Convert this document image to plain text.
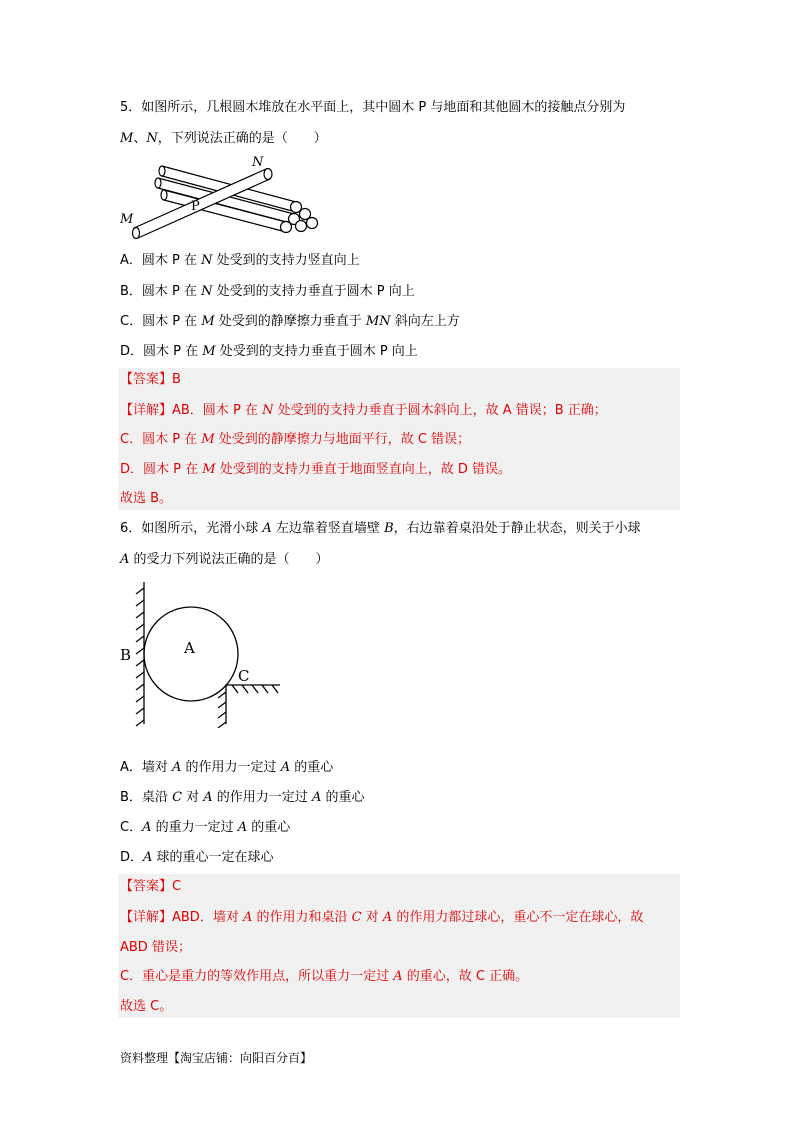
5．如图所示，几根圆木堆放在水平面上，其中圆木 P 与地面和其他圆木的接触点分别为
M、N，下列说法正确的是（　　）
N
P
M
A．圆木 P 在 N 处受到的支持力竖直向上
B．圆木 P 在 N 处受到的支持力垂直于圆木 P 向上
C．圆木 P 在 M 处受到的静摩擦力垂直于 MN 斜向左上方
D．圆木 P 在 M 处受到的支持力垂直于圆木 P 向上
【答案】B
【详解】AB．圆木 P 在 N 处受到的支持力垂直于圆木斜向上，故 A 错误；B 正确；
C．圆木 P 在 M 处受到的静摩擦力与地面平行，故 C 错误；
D．圆木 P 在 M 处受到的支持力垂直于地面竖直向上，故 D 错误。
故选 B。
6．如图所示，光滑小球 A 左边靠着竖直墙壁 B，右边靠着桌沿处于静止状态，则关于小球
A 的受力下列说法正确的是（　　）
B	A
C
A．墙对 A 的作用力一定过 A 的重心
B．桌沿 C 对 A 的作用力一定过 A 的重心
C．A 的重力一定过 A 的重心
D．A 球的重心一定在球心
【答案】C
【详解】ABD．墙对 A 的作用力和桌沿 C 对 A 的作用力都过球心，重心不一定在球心，故
ABD 错误；
C．重心是重力的等效作用点，所以重力一定过 A 的重心，故 C 正确。
故选 C。
资料整理【淘宝店铺：向阳百分百】
